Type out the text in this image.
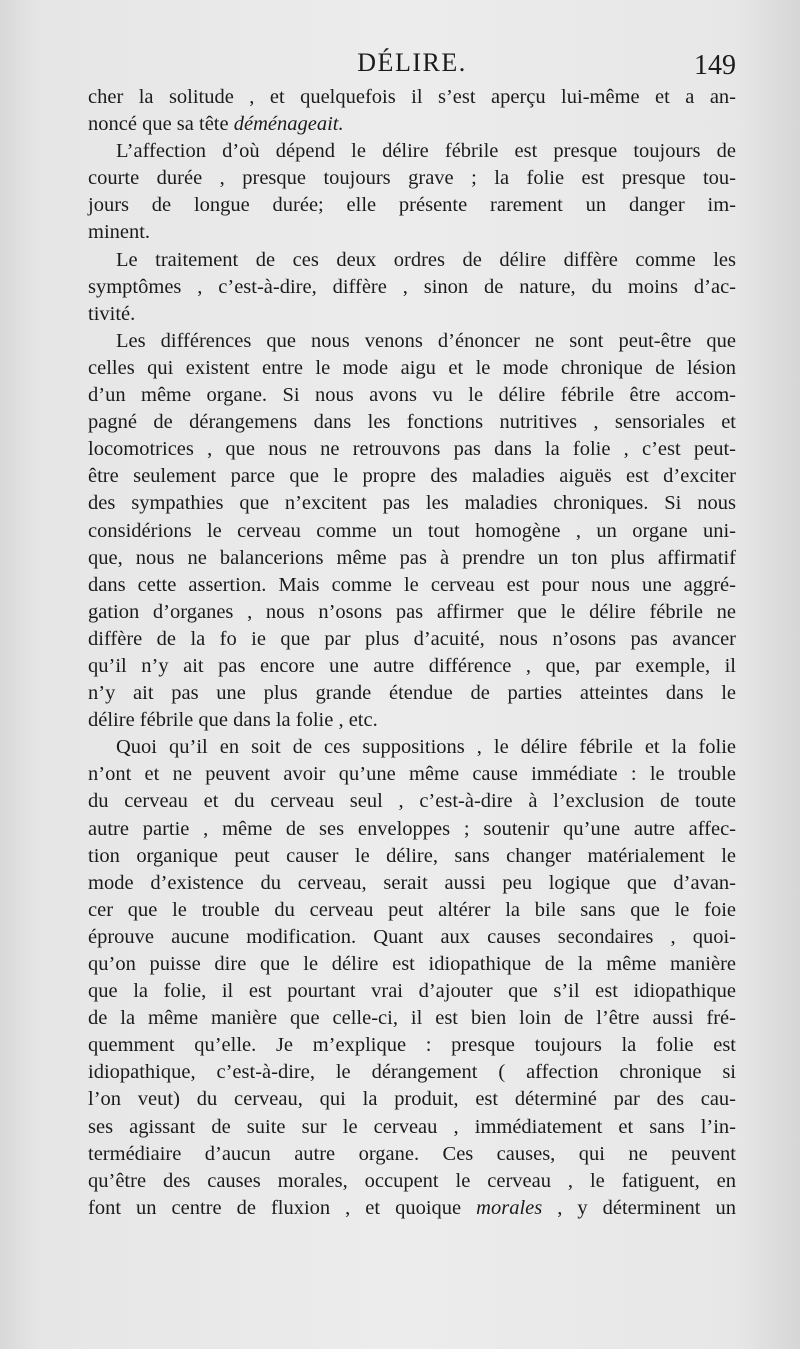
DÉLIRE.	149
cher la solitude , et quelquefois il s’est aperçu lui-même et a an-
noncé que sa tête déménageait.
L’affection d’où dépend le délire fébrile est presque toujours de
courte durée , presque toujours grave ; la folie est presque tou-
jours de longue durée; elle présente rarement un danger im-
minent.
Le traitement de ces deux ordres de délire diffère comme les
symptômes , c’est-à-dire, diffère , sinon de nature, du moins d’ac-
tivité.
Les différences que nous venons d’énoncer ne sont peut-être que
celles qui existent entre le mode aigu et le mode chronique de lésion
d’un même organe. Si nous avons vu le délire fébrile être accom-
pagné de dérangemens dans les fonctions nutritives , sensoriales et
locomotrices , que nous ne retrouvons pas dans la folie , c’est peut-
être seulement parce que le propre des maladies aiguës est d’exciter
des sympathies que n’excitent pas les maladies chroniques. Si nous
considérions le cerveau comme un tout homogène , un organe uni-
que, nous ne balancerions même pas à prendre un ton plus affirmatif
dans cette assertion. Mais comme le cerveau est pour nous une aggré-
gation d’organes , nous n’osons pas affirmer que le délire fébrile ne
diffère de la fo ie que par plus d’acuité, nous n’osons pas avancer
qu’il n’y ait pas encore une autre différence , que, par exemple, il
n’y ait pas une plus grande étendue de parties atteintes dans le
délire fébrile que dans la folie , etc.
Quoi qu’il en soit de ces suppositions , le délire fébrile et la folie
n’ont et ne peuvent avoir qu’une même cause immédiate : le trouble
du cerveau et du cerveau seul , c’est-à-dire à l’exclusion de toute
autre partie , même de ses enveloppes ; soutenir qu’une autre affec-
tion organique peut causer le délire, sans changer matérialement le
mode d’existence du cerveau, serait aussi peu logique que d’avan-
cer que le trouble du cerveau peut altérer la bile sans que le foie
éprouve aucune modification. Quant aux causes secondaires , quoi-
qu’on puisse dire que le délire est idiopathique de la même manière
que la folie, il est pourtant vrai d’ajouter que s’il est idiopathique
de la même manière que celle-ci, il est bien loin de l’être aussi fré-
quemment qu’elle. Je m’explique : presque toujours la folie est
idiopathique, c’est-à-dire, le dérangement ( affection chronique si
l’on veut) du cerveau, qui la produit, est déterminé par des cau-
ses agissant de suite sur le cerveau , immédiatement et sans l’in-
termédiaire d’aucun autre organe. Ces causes, qui ne peuvent
qu’être des causes morales, occupent le cerveau , le fatiguent, en
font un centre de fluxion , et quoique morales , y déterminent un
